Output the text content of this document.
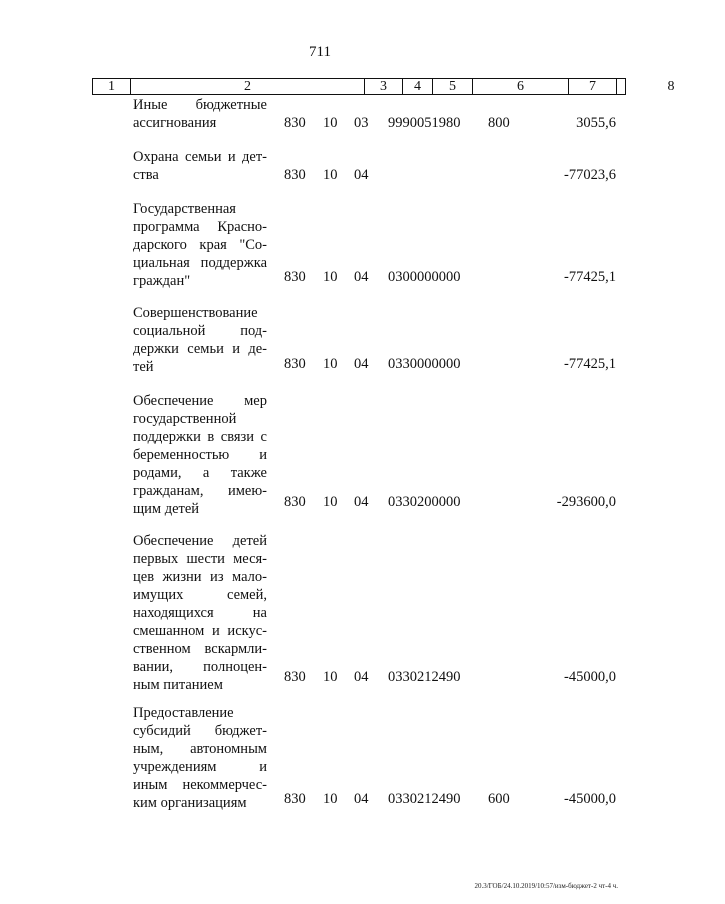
711
1	2	3	4	5	6	7	8
Иные бюджетные
ассигнования	830 10 03 9990051980 800	3055,6
Охрана семьи и дет-
ства	830 10 04	-77023,6
Государственная
программа Красно-
дарского края "Со-
циальная поддержка
граждан"	830 10 04 0300000000	-77425,1
Совершенствование
социальной под-
держки семьи и де-
тей	830 10 04 0330000000	-77425,1
Обеспечение мер
государственной
поддержки в связи с
беременностью и
родами, а также
гражданам, имею-
щим детей	830 10 04 0330200000	-293600,0
Обеспечение детей
первых шести меся-
цев жизни из мало-
имущих семей,
находящихся на
смешанном и искус-
ственном вскармли-
вании, полноцен-
ным питанием	830 10 04 0330212490	-45000,0
Предоставление
субсидий бюджет-
ным, автономным
учреждениям и
иным некоммерчес-
ким организациям	830 10 04 0330212490 600	-45000,0
20.3/ГОБ/24.10.2019/10:57/изм-бюджет-2 чт-4 ч.
